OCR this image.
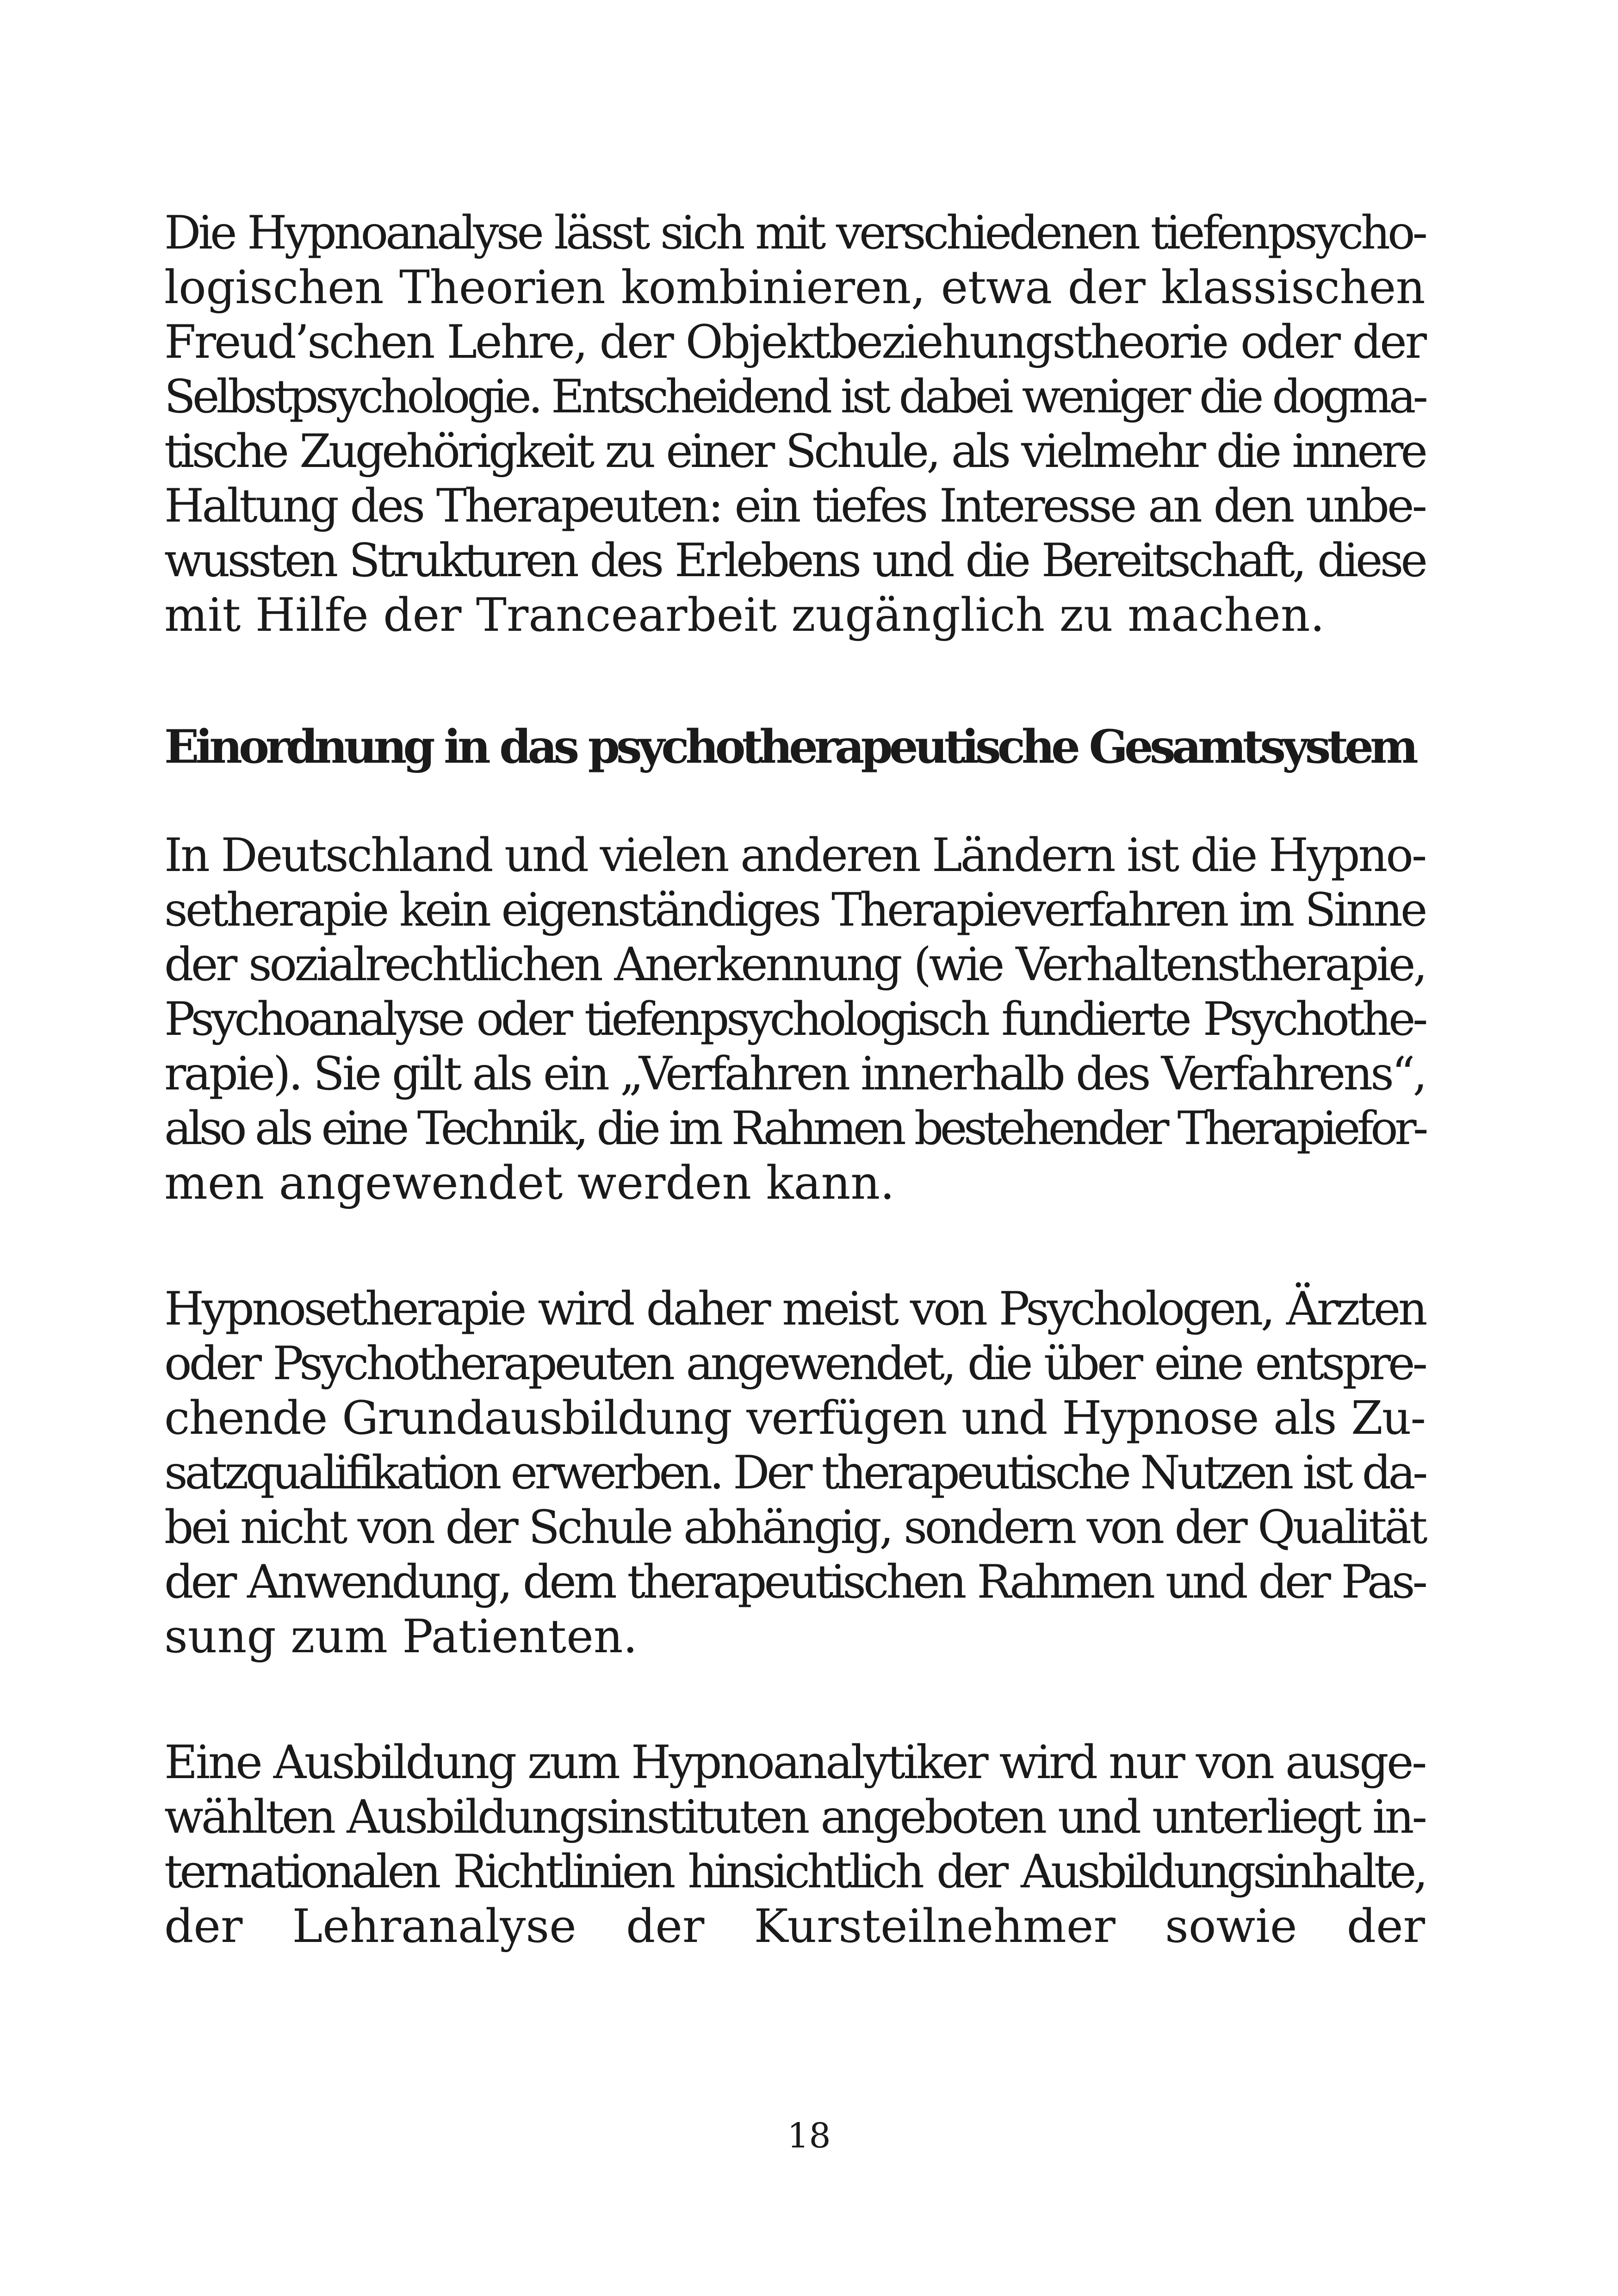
Die Hypnoanalyse lässt sich mit verschiedenen tiefenpsycho-
logischen Theorien kombinieren, etwa der klassischen
Freud’schen Lehre, der Objektbeziehungstheorie oder der
Selbstpsychologie. Entscheidend ist dabei weniger die dogma-
tische Zugehörigkeit zu einer Schule, als vielmehr die innere
Haltung des Therapeuten: ein tiefes Interesse an den unbe-
wussten Strukturen des Erlebens und die Bereitschaft, diese
mit Hilfe der Trancearbeit zugänglich zu machen.
Einordnung in das psychotherapeutische Gesamtsystem
In Deutschland und vielen anderen Ländern ist die Hypno-
setherapie kein eigenständiges Therapieverfahren im Sinne
der sozialrechtlichen Anerkennung (wie Verhaltenstherapie,
Psychoanalyse oder tiefenpsychologisch fundierte Psychothe-
rapie). Sie gilt als ein „Verfahren innerhalb des Verfahrens“,
also als eine Technik, die im Rahmen bestehender Therapiefor-
men angewendet werden kann.
Hypnosetherapie wird daher meist von Psychologen, Ärzten
oder Psychotherapeuten angewendet, die über eine entspre-
chende Grundausbildung verfügen und Hypnose als Zu-
satzqualifikation erwerben. Der therapeutische Nutzen ist da-
bei nicht von der Schule abhängig, sondern von der Qualität
der Anwendung, dem therapeutischen Rahmen und der Pas-
sung zum Patienten.
Eine Ausbildung zum Hypnoanalytiker wird nur von ausge-
wählten Ausbildungsinstituten angeboten und unterliegt in-
ternationalen Richtlinien hinsichtlich der Ausbildungsinhalte,
der Lehranalyse der Kursteilnehmer sowie der
18
